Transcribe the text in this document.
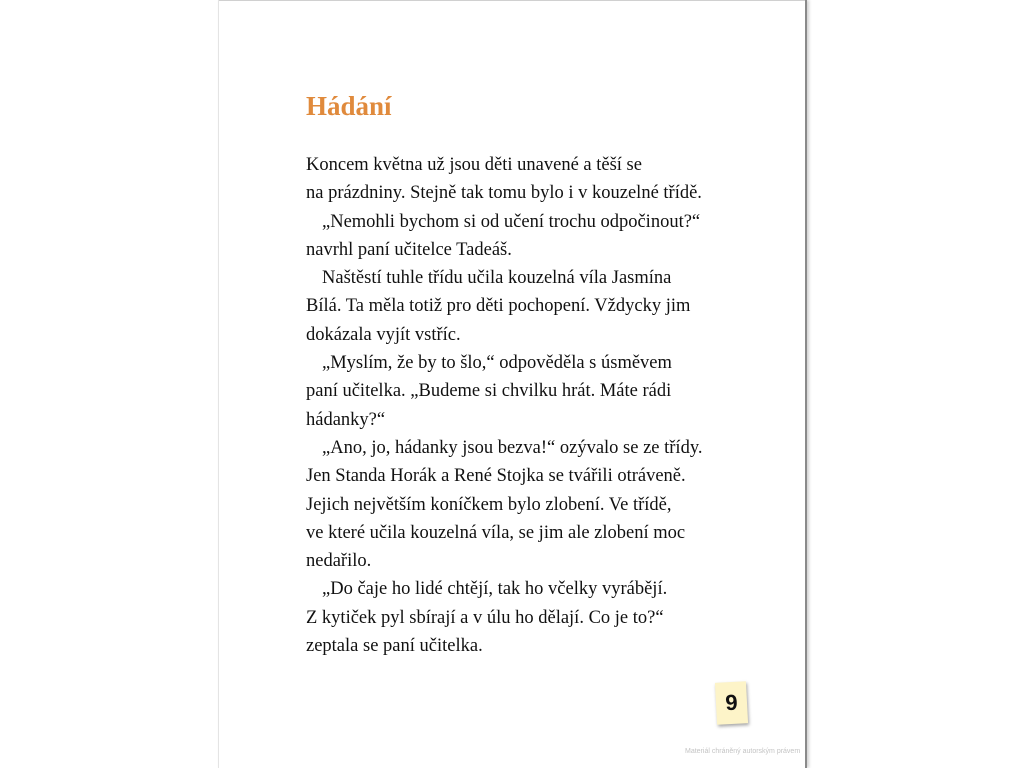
Hádání
Koncem května už jsou děti unavené a těší se
na prázdniny. Stejně tak tomu bylo i v kouzelné třídě.
„Nemohli bychom si od učení trochu odpočinout?“
navrhl paní učitelce Tadeáš.
Naštěstí tuhle třídu učila kouzelná víla Jasmína
Bílá. Ta měla totiž pro děti pochopení. Vždycky jim
dokázala vyjít vstříc.
„Myslím, že by to šlo,“ odpověděla s úsměvem
paní učitelka. „Budeme si chvilku hrát. Máte rádi
hádanky?“
„Ano, jo, hádanky jsou bezva!“ ozývalo se ze třídy.
Jen Standa Horák a René Stojka se tvářili otráveně.
Jejich největším koníčkem bylo zlobení. Ve třídě,
ve které učila kouzelná víla, se jim ale zlobení moc
nedařilo.
„Do čaje ho lidé chtějí, tak ho včelky vyrábějí.
Z kytiček pyl sbírají a v úlu ho dělají. Co je to?“
zeptala se paní učitelka.
9
Materiál chráněný autorským právem
